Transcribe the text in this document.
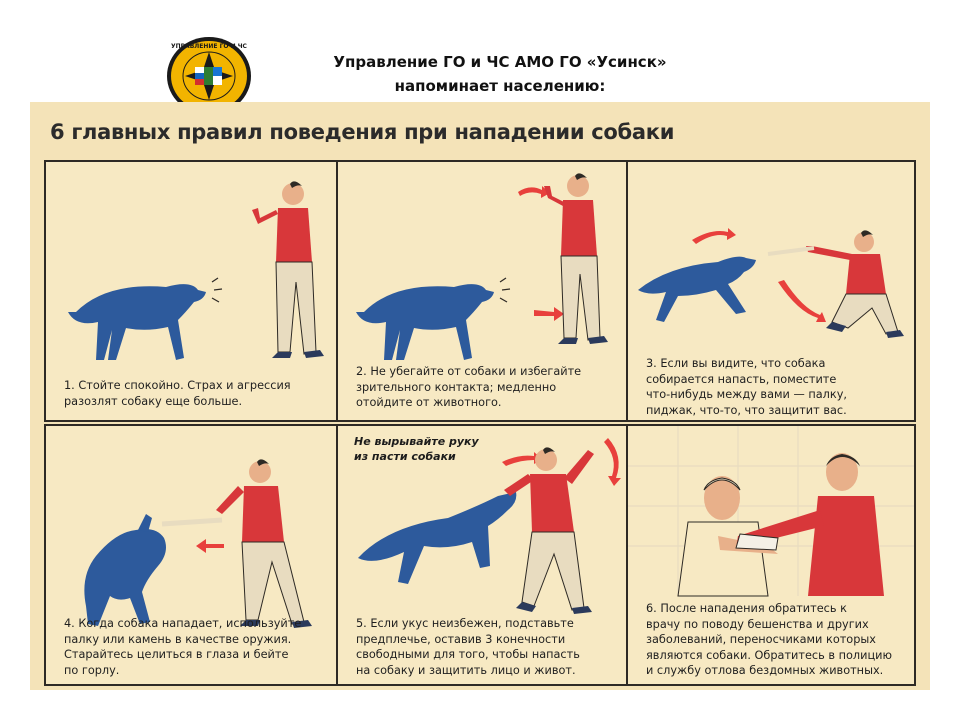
УПРАВЛЕНИЕ ГО И ЧС
Управление ГО и ЧС АМО ГО «Усинск»
напоминает населению:
6 главных правил поведения при нападении собаки
1. Стойте спокойно. Страх и агрессия
разозлят собаку еще больше.
2. Не убегайте от собаки и избегайте
зрительного контакта; медленно
отойдите от животного.
3. Если вы видите, что собака
собирается напасть, поместите
что-нибудь между вами — палку,
пиджак, что-то, что защитит вас.
4. Когда собака нападает, используйте
палку или камень в качестве оружия.
Старайтесь целиться в глаза и бейте
по горлу.
Не вырывайте руку
из пасти собаки
5. Если укус неизбежен, подставьте
предплечье, оставив 3 конечности
свободными для того, чтобы напасть
на собаку и защитить лицо и живот.
6. После нападения обратитесь к
врачу по поводу бешенства и других
заболеваний, переносчиками которых
являются собаки. Обратитесь в полицию
и службу отлова бездомных животных.
